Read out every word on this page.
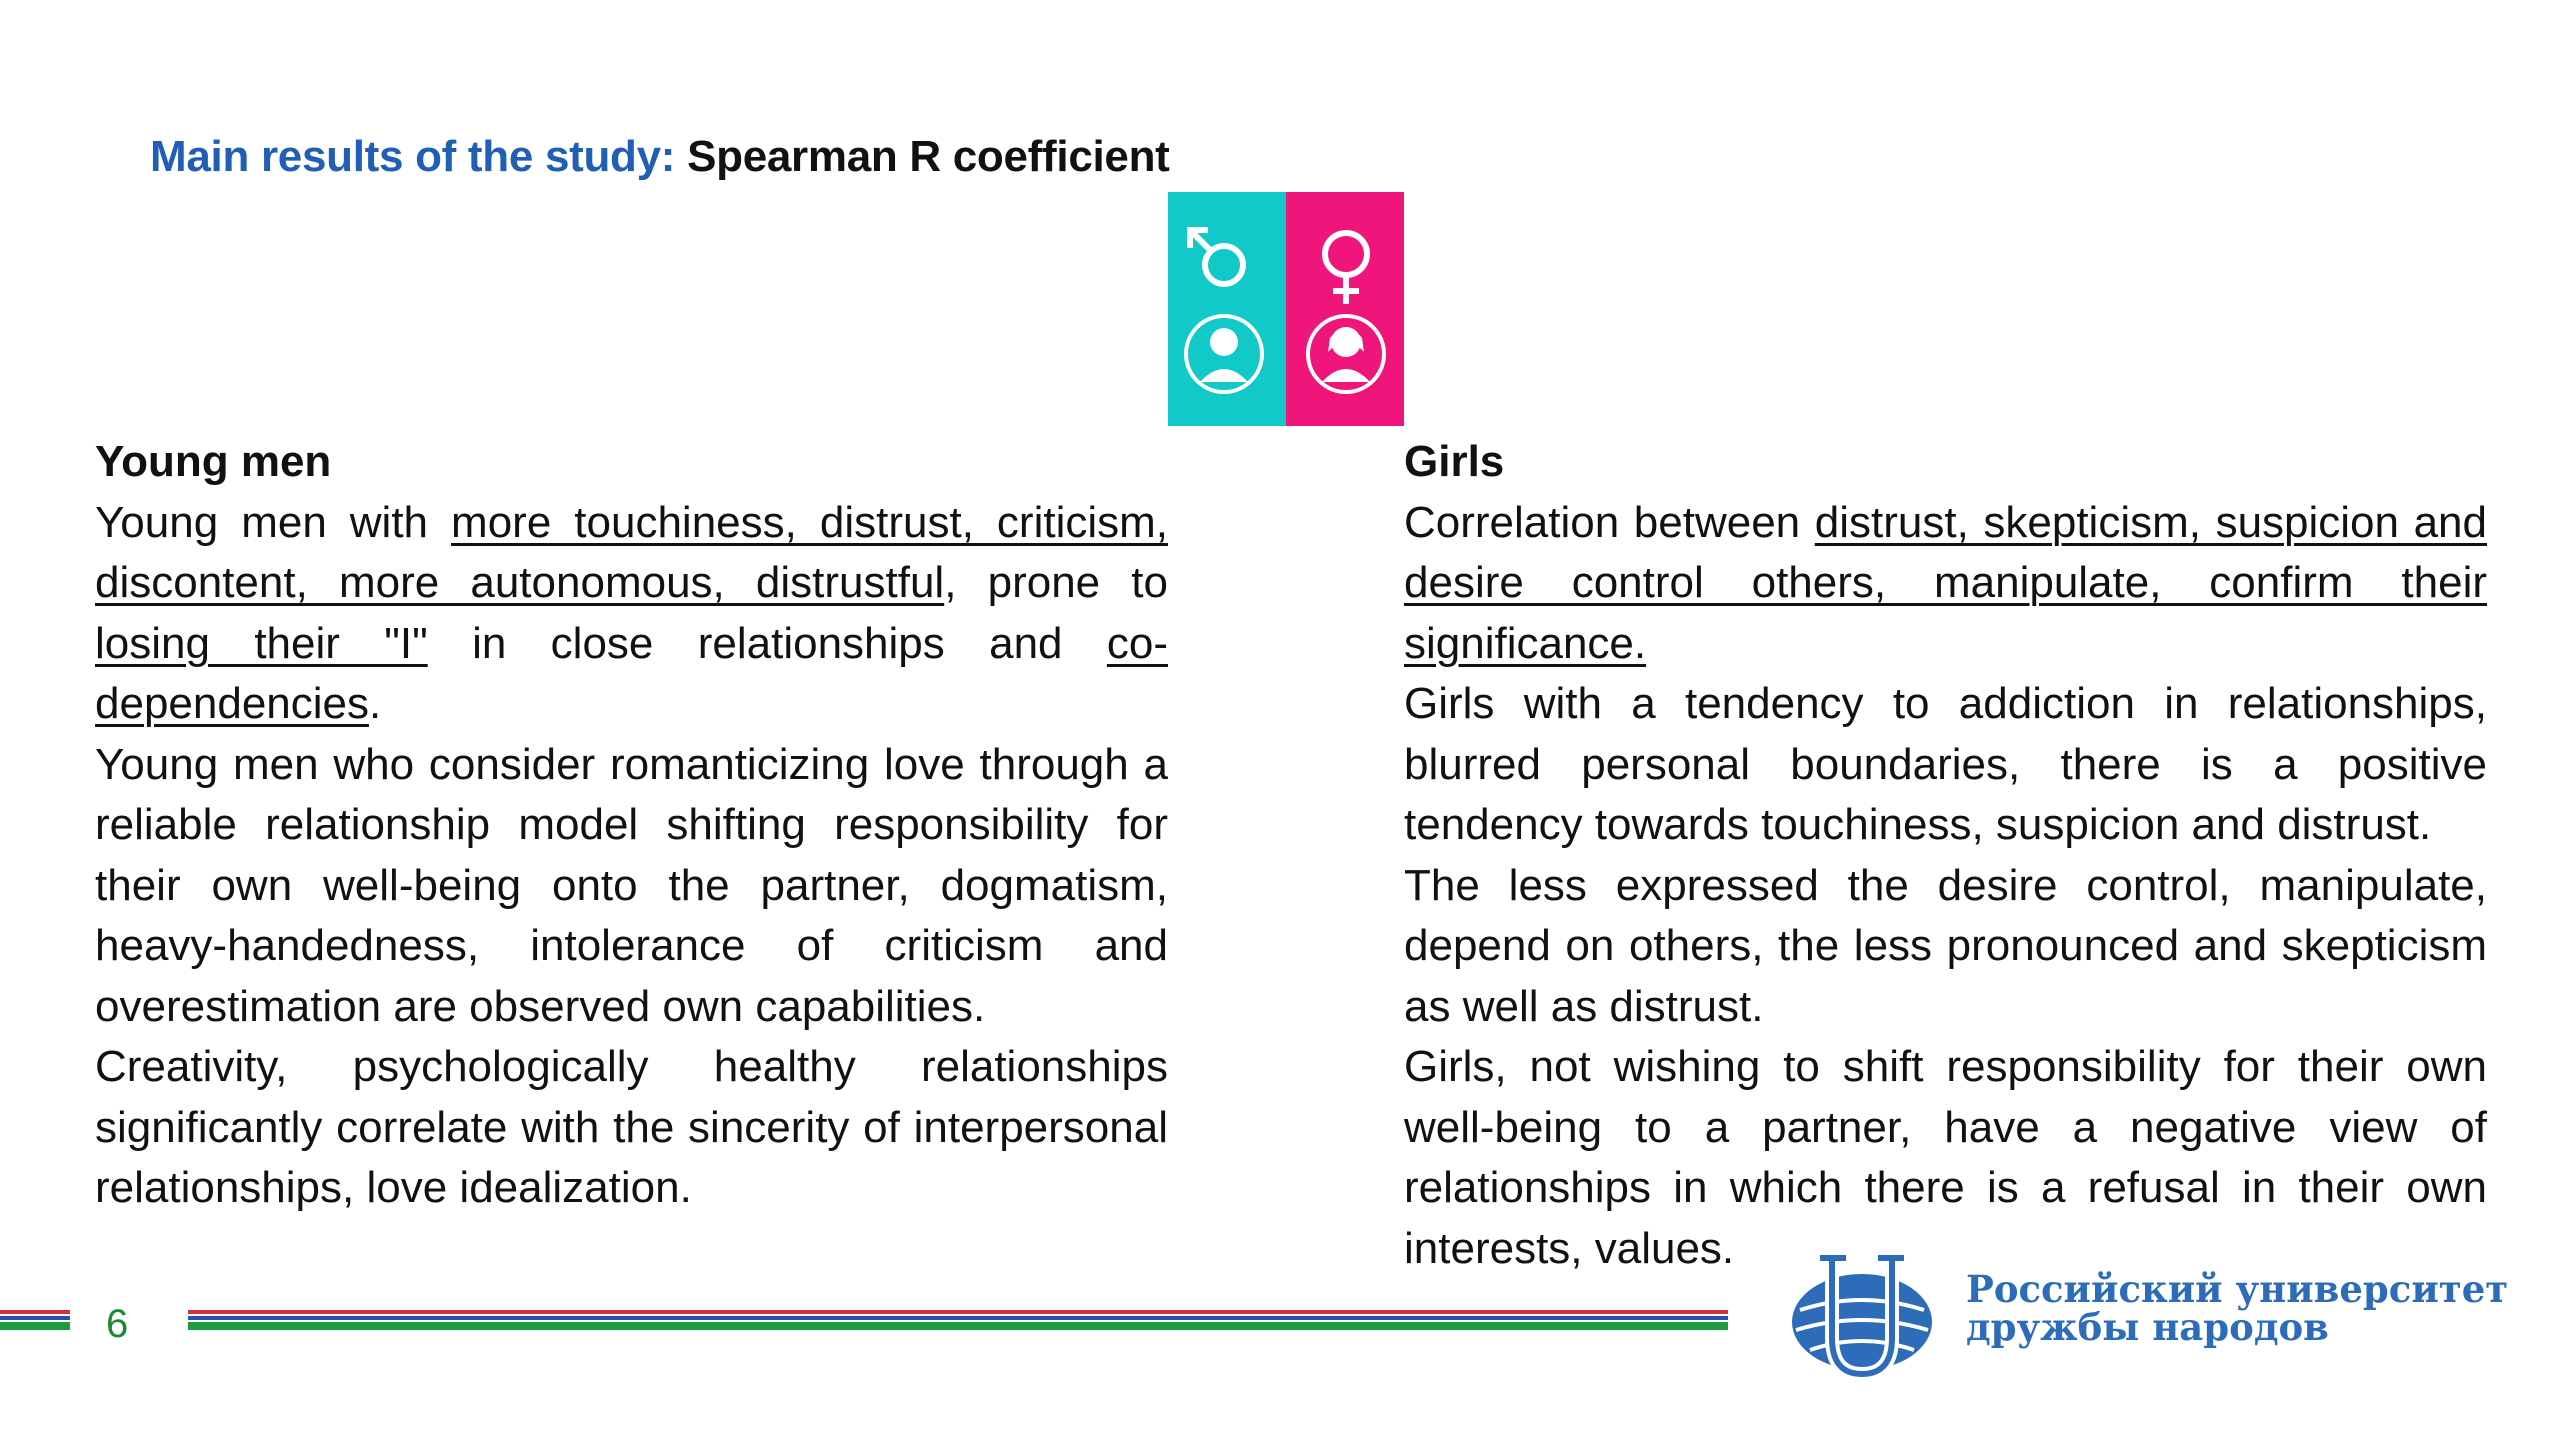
Main results of the study: Spearman R coefficient
Young men
Young men with more touchiness, distrust, criticism, discontent, more autonomous, distrustful, prone to losing their "I" in close relationships and co-dependencies.
Young men who consider romanticizing love through a reliable relationship model shifting responsibility for their own well-being onto the partner, dogmatism, heavy-handedness, intolerance of criticism and overestimation are observed own capabilities.
Creativity, psychologically healthy relationships significantly correlate with the sincerity of interpersonal relationships, love idealization.
Girls
Correlation between distrust, skepticism, suspicion and desire control others, manipulate, confirm their significance.
Girls with a tendency to addiction in relationships, blurred personal boundaries, there is a positive tendency towards touchiness, suspicion and distrust.
The less expressed the desire control, manipulate, depend on others, the less pronounced and skepticism as well as distrust.
Girls, not wishing to shift responsibility for their own well-being to a partner, have a negative view of relationships in which there is a refusal in their own interests, values.
6
Российский университет
дружбы народов
